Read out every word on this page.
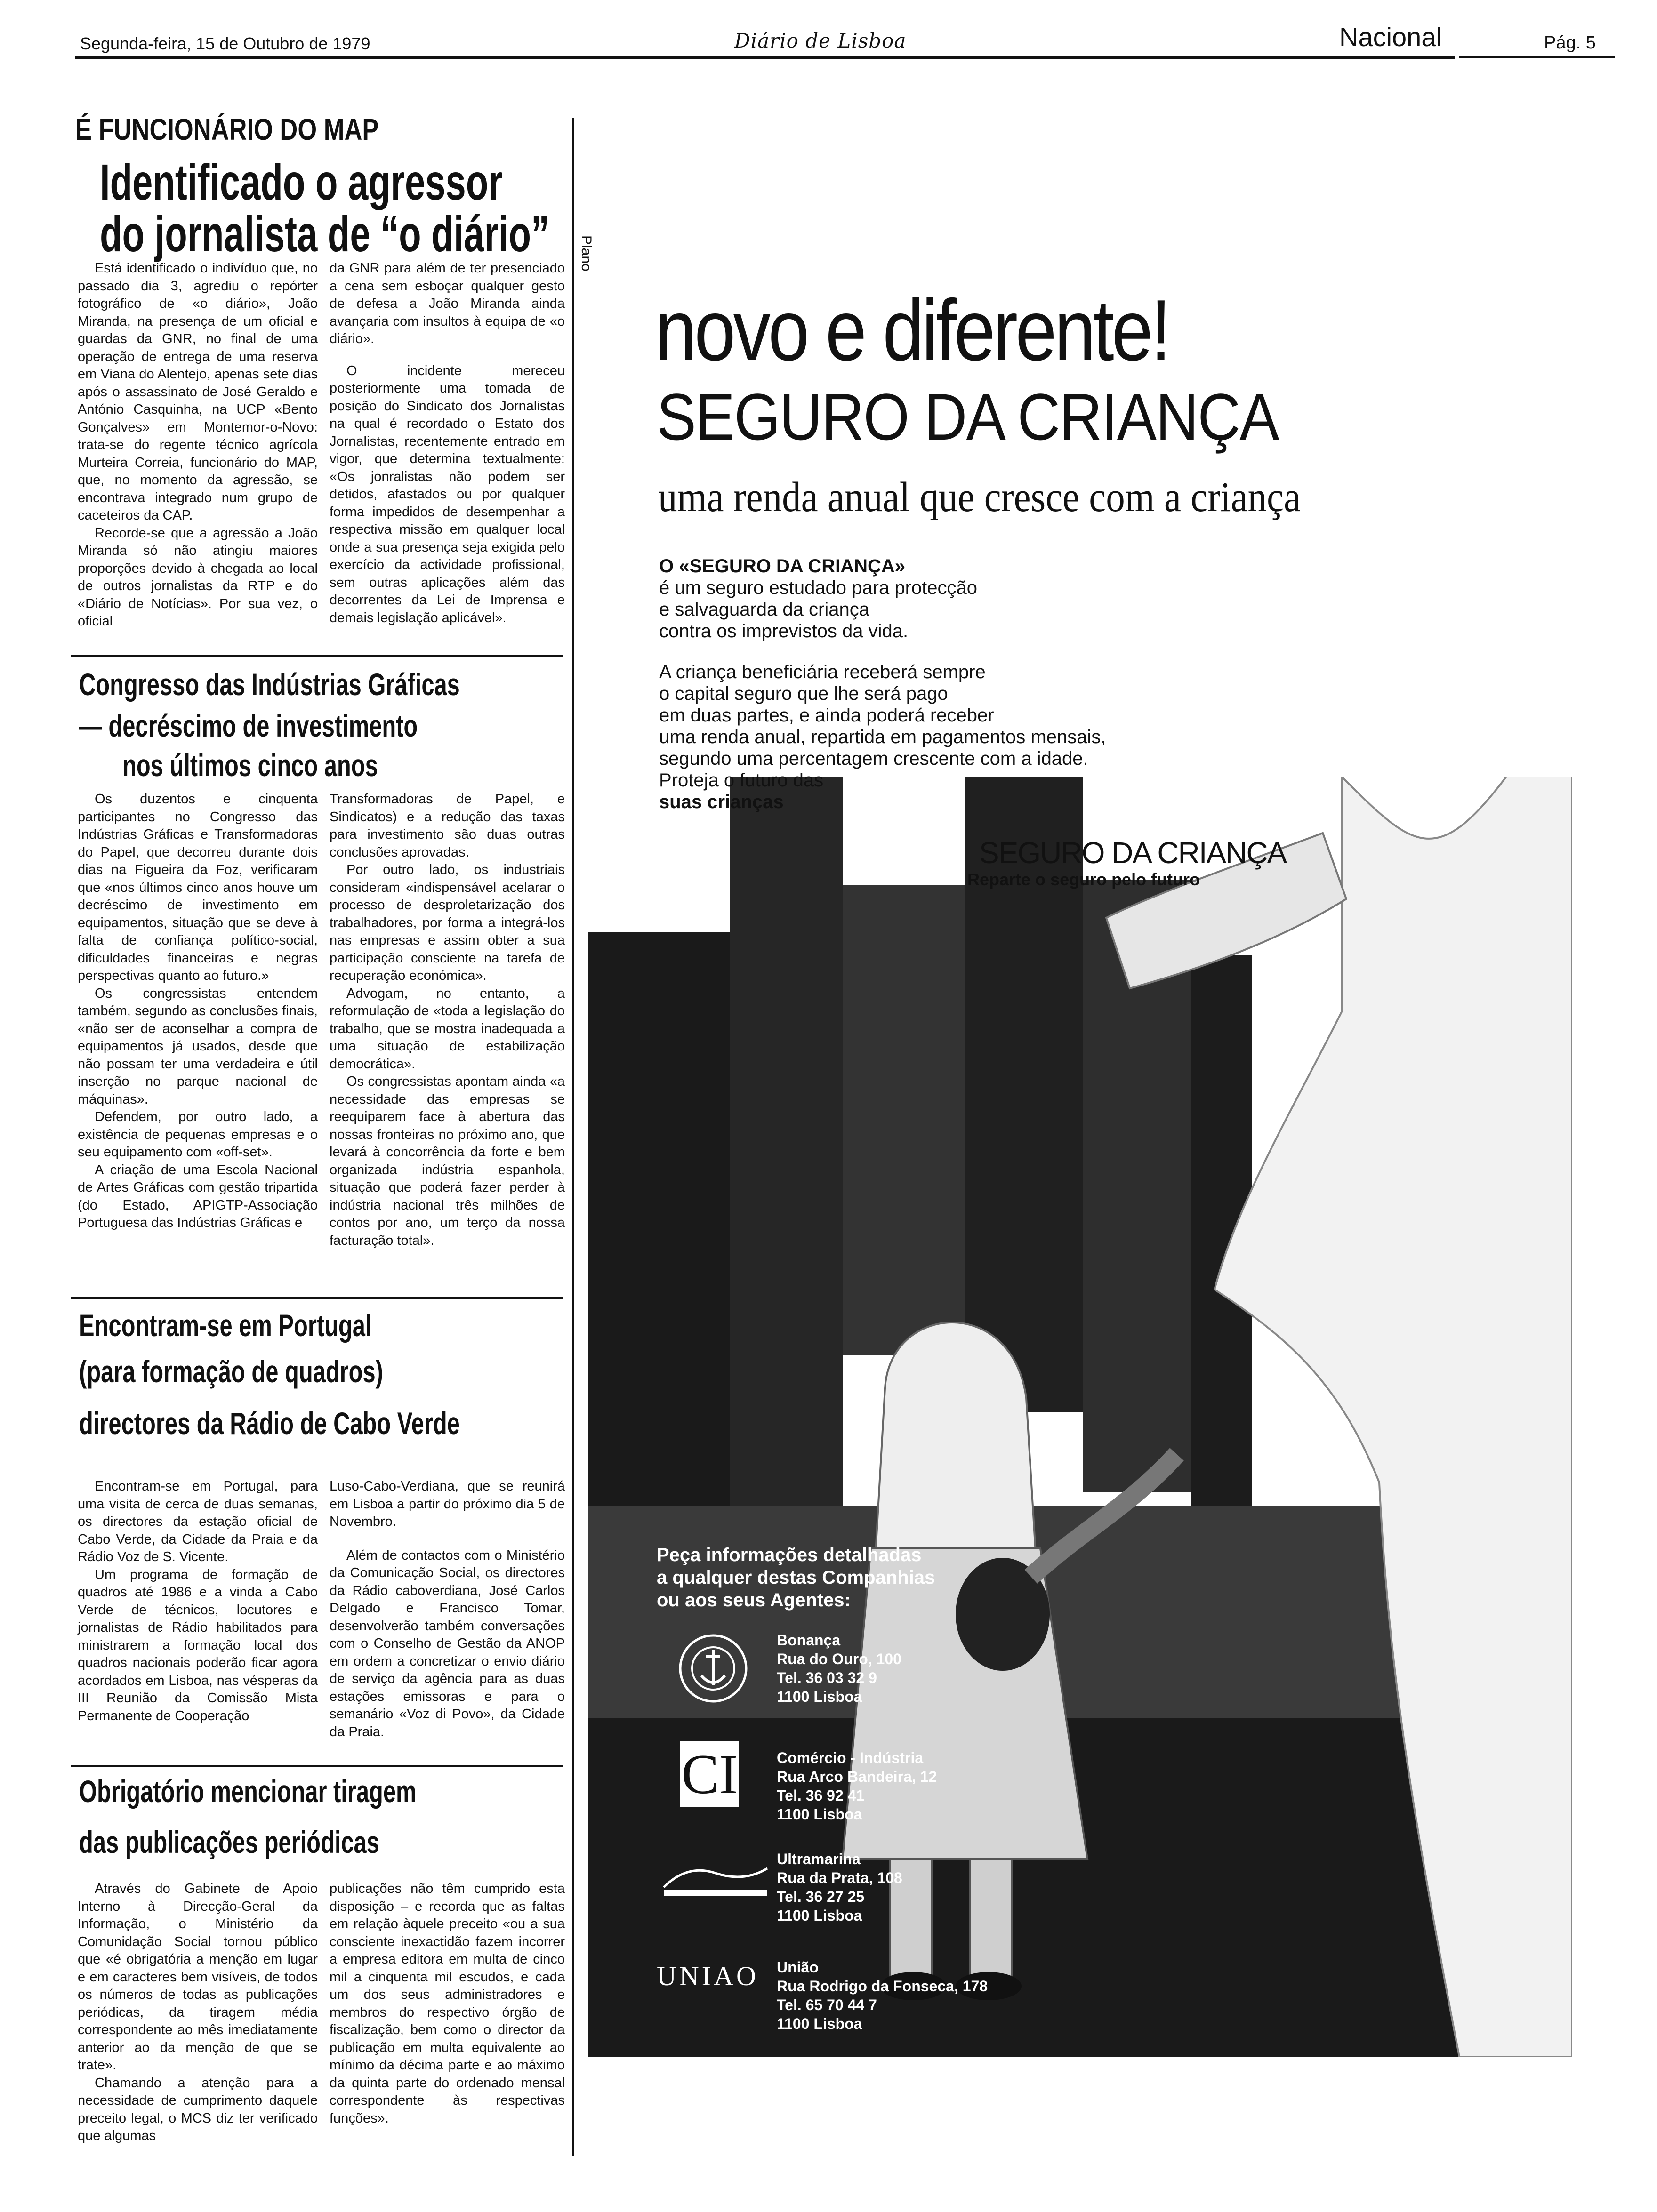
Segunda-feira, 15 de Outubro de 1979	Diário de Lisboa	Nacional	Pág. 5
É FUNCIONÁRIO DO MAP
Identificado o agressor
do jornalista de “o diário”

Está identificado o indivíduo que, no passado dia 3, agrediu o repórter fotográfico de «o diário», João Miranda, na presença de um oficial e guardas da GNR, no final de uma operação de entrega de uma reserva em Viana do Alentejo, apenas sete dias após o assassinato de José Geraldo e António Casquinha, na UCP «Bento Gonçalves» em Montemor-o-Novo: trata-se do regente técnico agrícola Murteira Correia, funcionário do MAP, que, no momento da agressão, se encontrava integrado num grupo de caceteiros da CAP.

Recorde-se que a agressão a João Miranda só não atingiu maiores proporções devido à chegada ao local de outros jornalistas da RTP e do «Diário de Notícias». Por sua vez, o oficial

da GNR para além de ter presenciado a cena sem esboçar qualquer gesto de defesa a João Miranda ainda avançaria com insultos à equipa de «o diário».

O incidente mereceu posteriormente uma tomada de posição do Sindicato dos Jornalistas na qual é recordado o Estato dos Jornalistas, recentemente entrado em vigor, que determina textualmente: «Os jonralistas não podem ser detidos, afastados ou por qualquer forma impedidos de desempenhar a respectiva missão em qualquer local onde a sua presença seja exigida pelo exercício da actividade profissional, sem outras aplicações além das decorrentes da Lei de Imprensa e demais legislação aplicável».

Congresso das Indústrias Gráficas
— decréscimo de investimento
nos últimos cinco anos

Os duzentos e cinquenta participantes no Congresso das Indústrias Gráficas e Transformadoras do Papel, que decorreu durante dois dias na Figueira da Foz, verificaram que «nos últimos cinco anos houve um decréscimo de investimento em equipamentos, situação que se deve à falta de confiança político-social, dificuldades financeiras e negras perspectivas quanto ao futuro.»

Os congressistas entendem também, segundo as conclusões finais, «não ser de aconselhar a compra de equipamentos já usados, desde que não possam ter uma verdadeira e útil inserção no parque nacional de máquinas».

Defendem, por outro lado, a existência de pequenas empresas e o seu equipamento com «off-set».

A criação de uma Escola Nacional de Artes Gráficas com gestão tripartida (do Estado, APIGTP-Associação Portuguesa das Indústrias Gráficas e

Transformadoras de Papel, e Sindicatos) e a redução das taxas para investimento são duas outras conclusões aprovadas.

Por outro lado, os industriais consideram «indispensável acelarar o processo de desproletarização dos trabalhadores, por forma a integrá-los nas empresas e assim obter a sua participação consciente na tarefa de recuperação económica».

Advogam, no entanto, a reformulação de «toda a legislação do trabalho, que se mostra inadequada a uma situação de estabilização democrática».

Os congressistas apontam ainda «a necessidade das empresas se reequiparem face à abertura das nossas fronteiras no próximo ano, que levará à concorrência da forte e bem organizada indústria espanhola, situação que poderá fazer perder à indústria nacional três milhões de contos por ano, um terço da nossa facturação total».

Encontram-se em Portugal
(para formação de quadros)
directores da Rádio de Cabo Verde

Encontram-se em Portugal, para uma visita de cerca de duas semanas, os directores da estação oficial de Cabo Verde, da Cidade da Praia e da Rádio Voz de S. Vicente.

Um programa de formação de quadros até 1986 e a vinda a Cabo Verde de técnicos, locutores e jornalistas de Rádio habilitados para ministrarem a formação local dos quadros nacionais poderão ficar agora acordados em Lisboa, nas vésperas da III Reunião da Comissão Mista Permanente de Cooperação

Luso-Cabo-Verdiana, que se reunirá em Lisboa a partir do próximo dia 5 de Novembro.

Além de contactos com o Ministério da Comunicação Social, os directores da Rádio caboverdiana, José Carlos Delgado e Francisco Tomar, desenvolverão também conversações com o Conselho de Gestão da ANOP em ordem a concretizar o envio diário de serviço da agência para as duas estações emissoras e para o semanário «Voz di Povo», da Cidade da Praia.

Obrigatório mencionar tiragem
das publicações periódicas

Através do Gabinete de Apoio Interno à Direcção-Geral da Informação, o Ministério da Comunidação Social tornou público que «é obrigatória a menção em lugar e em caracteres bem visíveis, de todos os números de todas as publicações periódicas, da tiragem média correspondente ao mês imediatamente anterior ao da menção de que se trate».

Chamando a atenção para a necessidade de cumprimento daquele preceito legal, o MCS diz ter verificado que algumas

publicações não têm cumprido esta disposição – e recorda que as faltas em relação àquele preceito «ou a sua consciente inexactidão fazem incorrer a empresa editora em multa de cinco mil a cinquenta mil escudos, e cada um dos seus administradores e membros do respectivo órgão de fiscalização, bem como o director da publicação em multa equivalente ao mínimo da décima parte e ao máximo da quinta parte do ordenado mensal correspondente às respectivas funções».

Plano
novo e diferente!
SEGURO DA CRIANÇA
uma renda anual que cresce com a criança
O «SEGURO DA CRIANÇA»
é um seguro estudado para protecção
e salvaguarda da criança
contra os imprevistos da vida.
A criança beneficiária receberá sempre
o capital seguro que lhe será pago
em duas partes, e ainda poderá receber
uma renda anual, repartida em pagamentos mensais,
segundo uma percentagem crescente com a idade.
Proteja o futuro das
suas crianças
SEGURO DA CRIANÇA
Reparte o seguro pelo futuro
Peça informações detalhadas
a qualquer destas Companhias
ou aos seus Agentes:
Bonança
Rua do Ouro, 100
Tel. 36 03 32 9
1100 Lisboa
CI	Comércio - Indústria
Rua Arco Bandeira, 12
Tel. 36 92 41
1100 Lisboa
Ultramarina
Rua da Prata, 108
Tel. 36 27 25
1100 Lisboa
UNIAO União
Rua Rodrigo da Fonseca, 178
Tel. 65 70 44 7
1100 Lisboa
